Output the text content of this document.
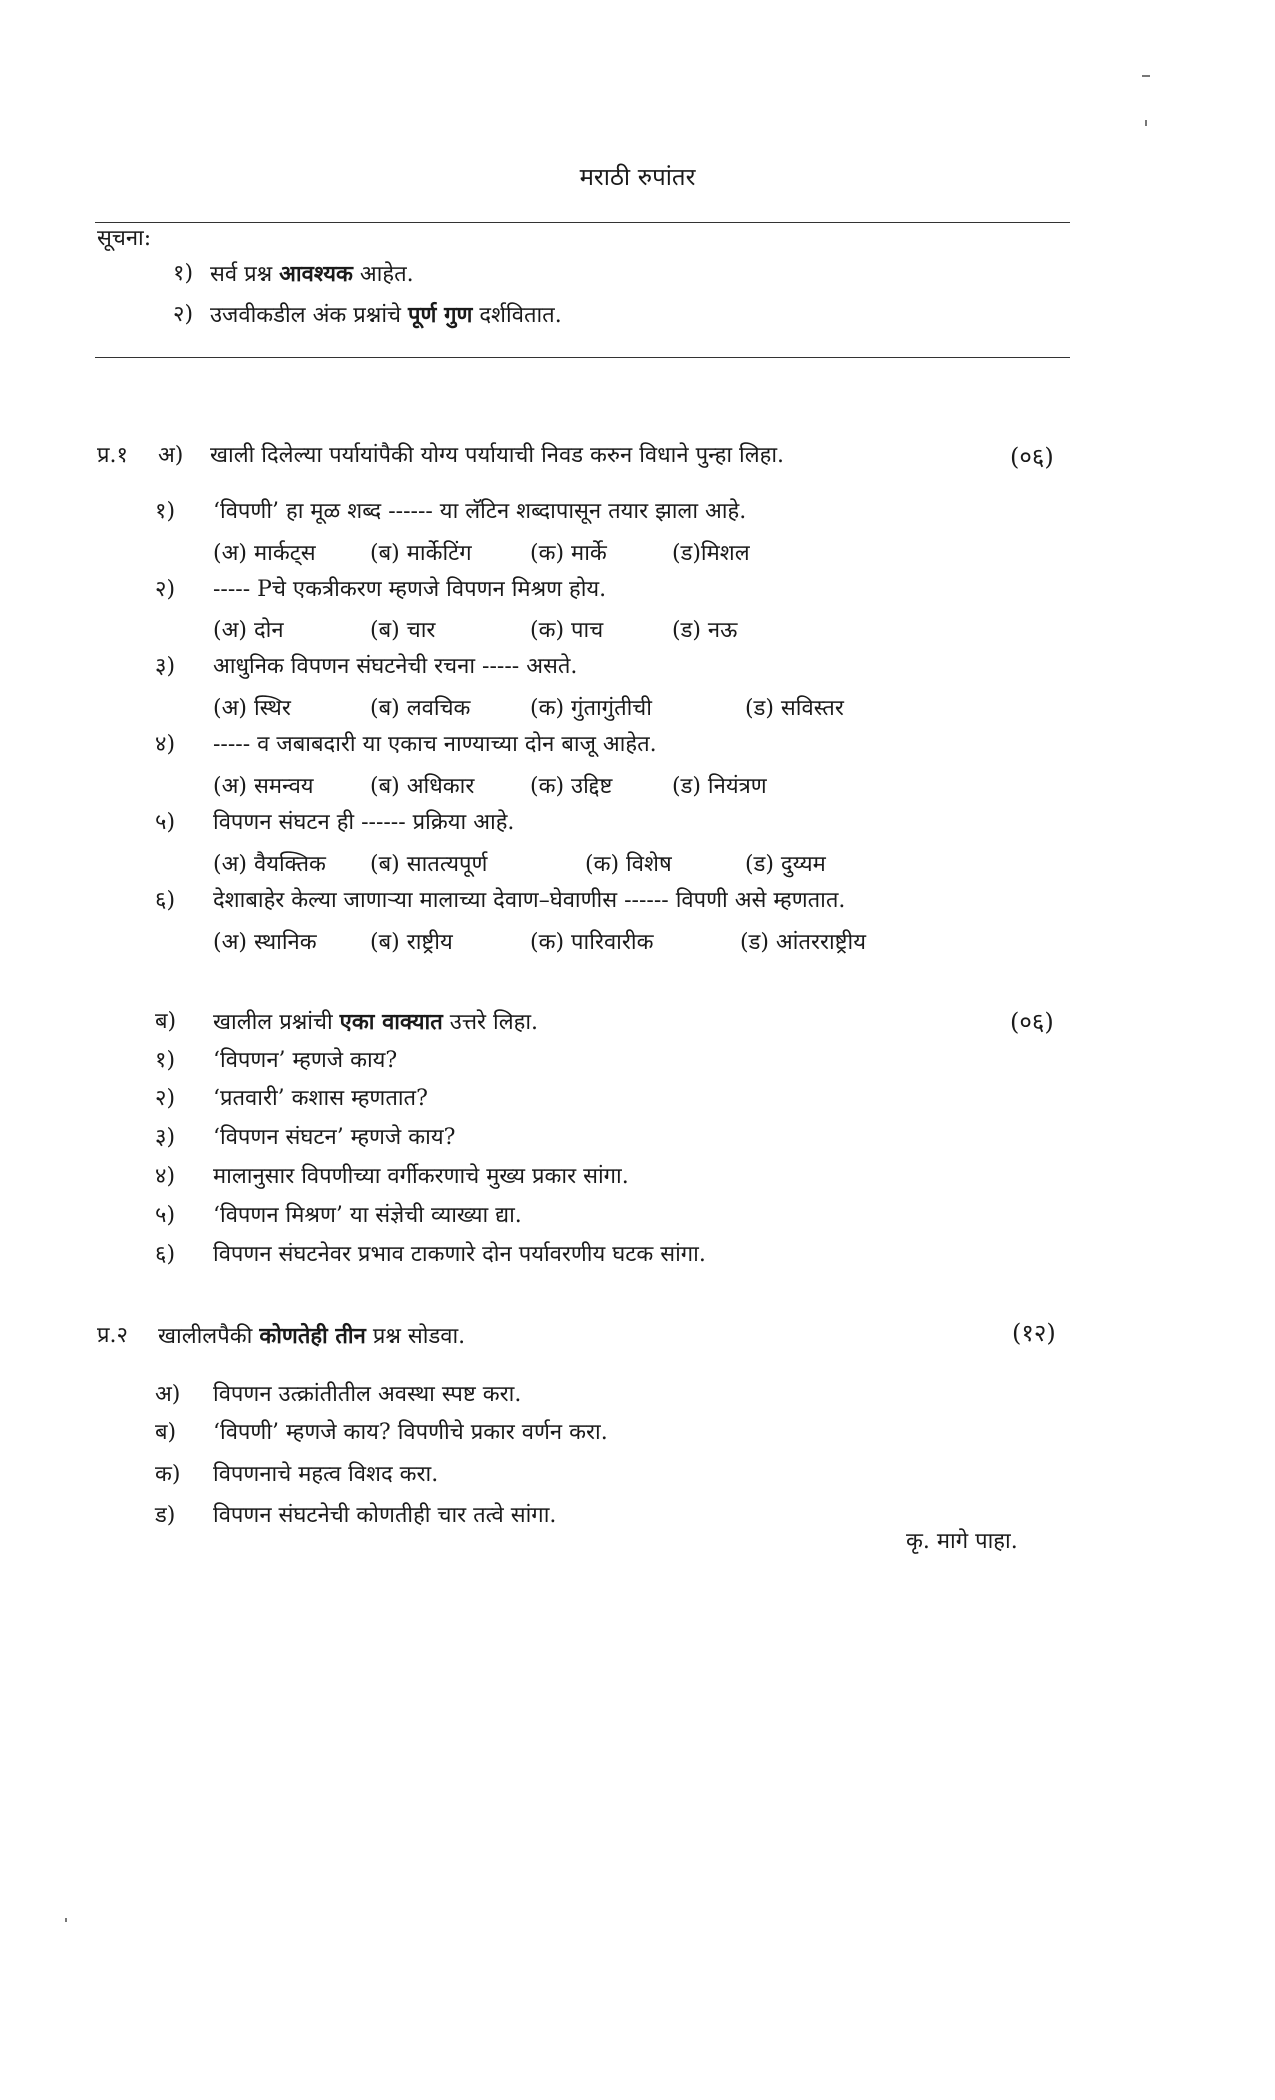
मराठी रुपांतर
सूचना:
१) सर्व प्रश्न आवश्यक आहेत.
२) उजवीकडील अंक प्रश्नांचे पूर्ण गुण दर्शवितात.
प्र.१ अ) खाली दिलेल्या पर्यायांपैकी योग्य पर्यायाची निवड करुन विधाने पुन्हा लिहा.	(०६)
१) ‘विपणी’ हा मूळ शब्द ------ या लॅटिन शब्दापासून तयार झाला आहे.
(अ) मार्कट्स (ब) मार्केटिंग	(क) मार्के	(ड)मिशल
२) ----- Pचे एकत्रीकरण म्हणजे विपणन मिश्रण होय.
(अ) दोन	(ब) चार	(क) पाच	(ड) नऊ
३) आधुनिक विपणन संघटनेची रचना ----- असते.
(अ) स्थिर	(ब) लवचिक	(क) गुंतागुंतीची	(ड) सविस्तर
४) ----- व जबाबदारी या एकाच नाण्याच्या दोन बाजू आहेत.
(अ) समन्वय	(ब) अधिकार	(क) उद्दिष्ट	(ड) नियंत्रण
५) विपणन संघटन ही ------ प्रक्रिया आहे.
(अ) वैयक्तिक (ब) सातत्यपूर्ण	(क) विशेष	(ड) दुय्यम
६) देशाबाहेर केल्या जाणाऱ्या मालाच्या देवाण–घेवाणीस ------ विपणी असे म्हणतात.
(अ) स्थानिक (ब) राष्ट्रीय	(क) पारिवारीक	(ड) आंतरराष्ट्रीय
ब) खालील प्रश्नांची एका वाक्यात उत्तरे लिहा.	(०६)
१) ‘विपणन’ म्हणजे काय?
२) ‘प्रतवारी’ कशास म्हणतात?
३) ‘विपणन संघटन’ म्हणजे काय?
४) मालानुसार विपणीच्या वर्गीकरणाचे मुख्य प्रकार सांगा.
५) ‘विपणन मिश्रण’ या संज्ञेची व्याख्या द्या.
६) विपणन संघटनेवर प्रभाव टाकणारे दोन पर्यावरणीय घटक सांगा.
प्र.२ खालीलपैकी कोणतेही तीन प्रश्न सोडवा.	(१२)
अ) विपणन उत्क्रांतीतील अवस्था स्पष्ट करा.
ब) ‘विपणी’ म्हणजे काय? विपणीचे प्रकार वर्णन करा.
क) विपणनाचे महत्व विशद करा.
ड) विपणन संघटनेची कोणतीही चार तत्वे सांगा.
कृ. मागे पाहा.
